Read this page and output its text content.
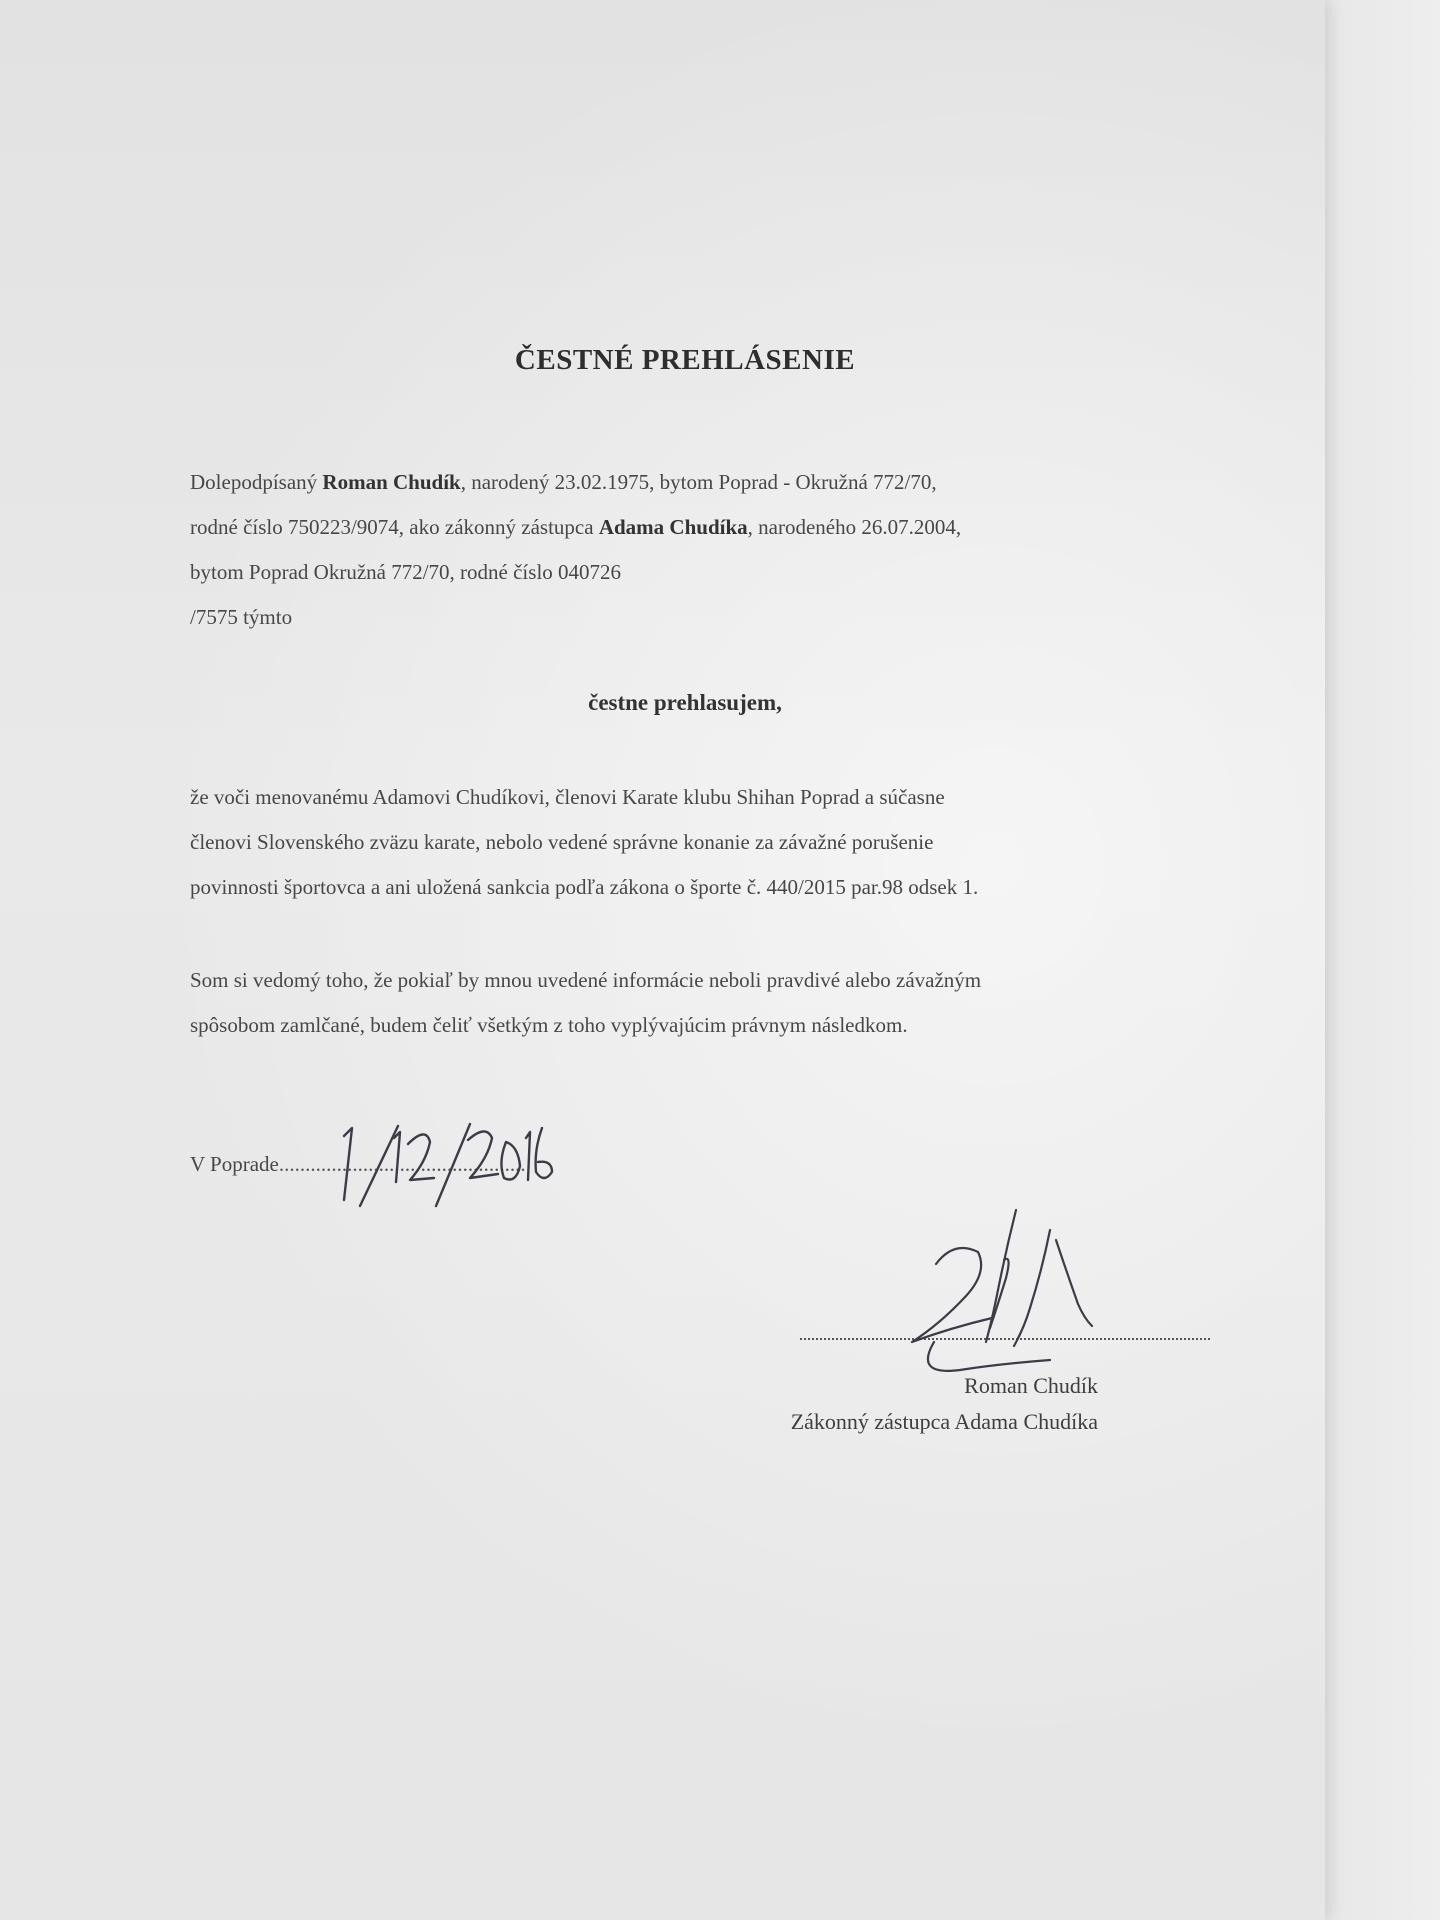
ČESTNÉ PREHLÁSENIE
Dolepodpísaný Roman Chudík, narodený 23.02.1975, bytom Poprad - Okružná 772/70,
rodné číslo 750223/9074, ako zákonný zástupca Adama Chudíka, narodeného 26.07.2004,
bytom Poprad Okružná 772/70, rodné číslo 040726
/7575 týmto
čestne prehlasujem,
že voči menovanému Adamovi Chudíkovi, členovi Karate klubu Shihan Poprad a súčasne
členovi Slovenského zväzu karate, nebolo vedené správne konanie za závažné porušenie
povinnosti športovca a ani uložená sankcia podľa zákona o športe č. 440/2015 par.98 odsek 1.
Som si vedomý toho, že pokiaľ by mnou uvedené informácie neboli pravdivé alebo závažným
spôsobom zamlčané, budem čeliť všetkým z toho vyplývajúcim právnym následkom.
V Poprade...............................................
Roman Chudík
Zákonný zástupca Adama Chudíka
